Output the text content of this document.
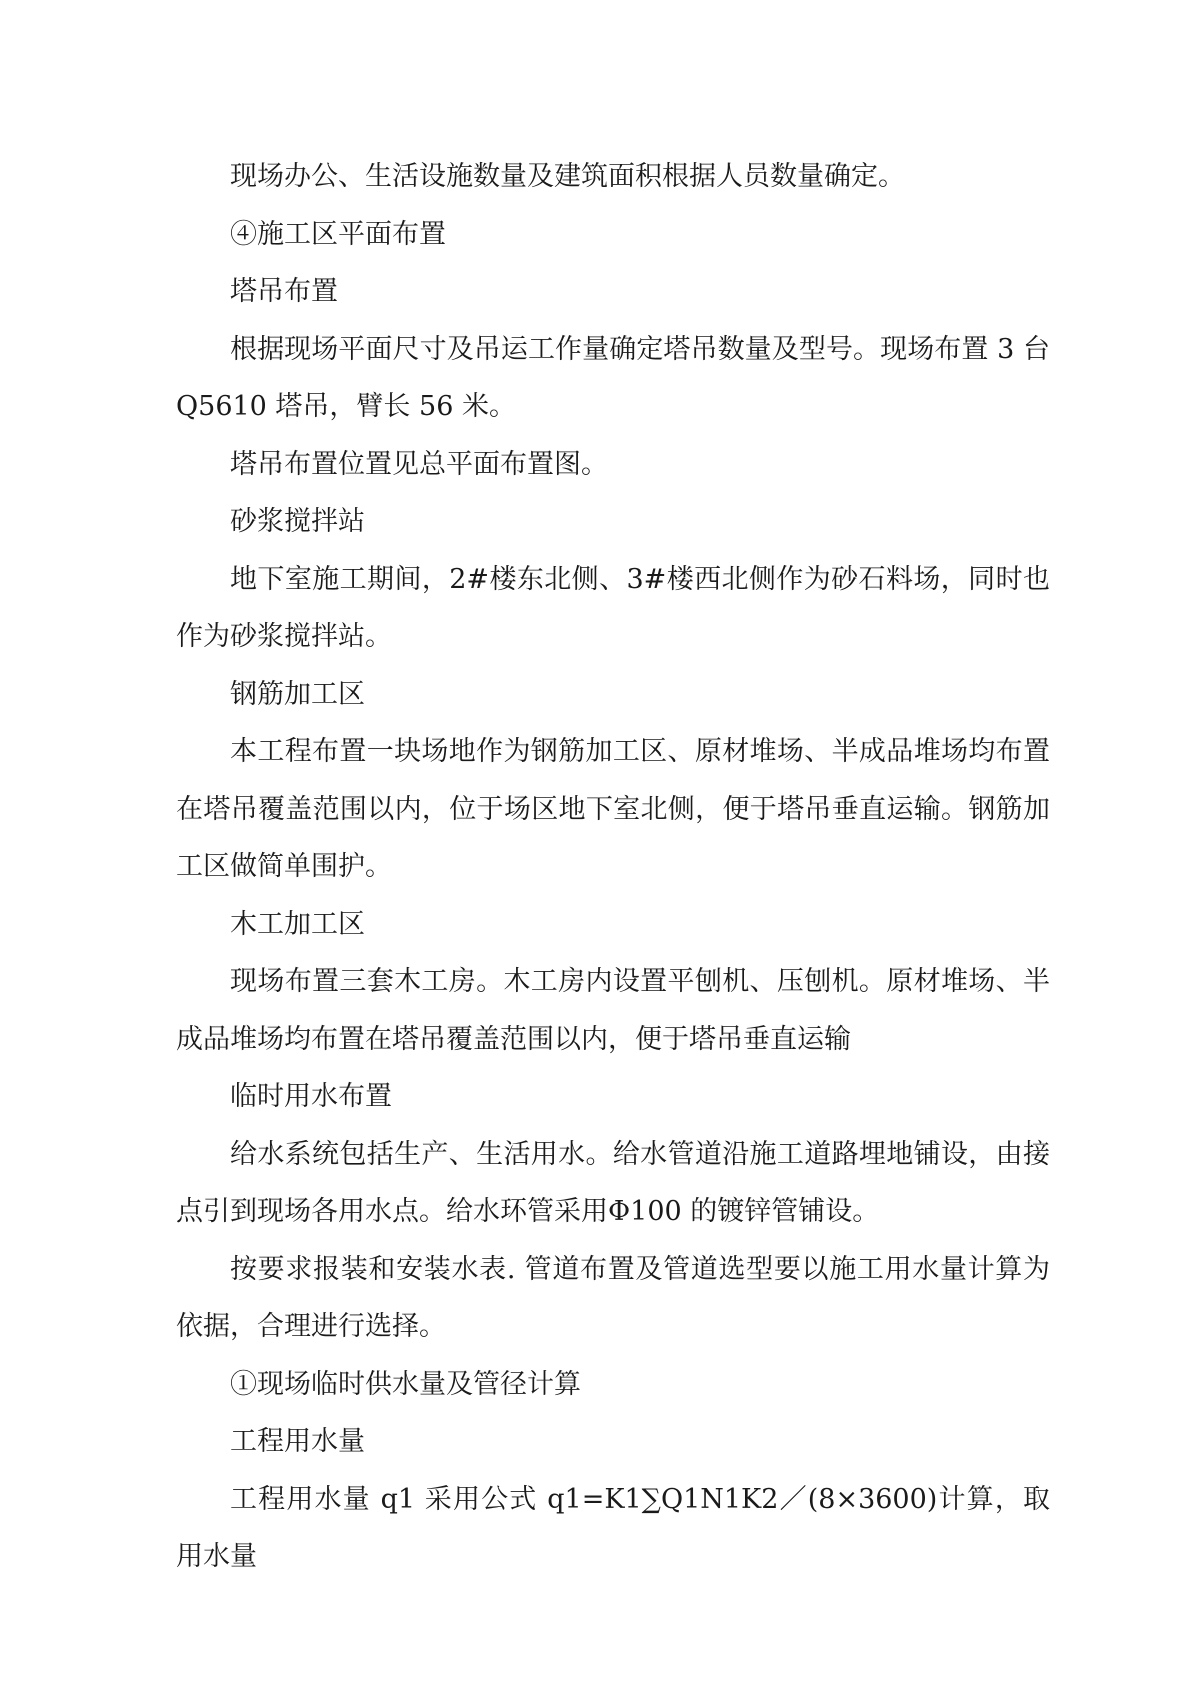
现场办公、生活设施数量及建筑面积根据人员数量确定。

④施工区平面布置

塔吊布置

根据现场平面尺寸及吊运工作量确定塔吊数量及型号。现场布置 3 台 Q5610 塔吊，臂长 56 米。

塔吊布置位置见总平面布置图。

砂浆搅拌站

地下室施工期间，2#楼东北侧、3#楼西北侧作为砂石料场，同时也作为砂浆搅拌站。

钢筋加工区

本工程布置一块场地作为钢筋加工区、原材堆场、半成品堆场均布置在塔吊覆盖范围以内，位于场区地下室北侧，便于塔吊垂直运输。钢筋加工区做简单围护。

木工加工区

现场布置三套木工房。木工房内设置平刨机、压刨机。原材堆场、半成品堆场均布置在塔吊覆盖范围以内，便于塔吊垂直运输

临时用水布置

给水系统包括生产、生活用水。给水管道沿施工道路埋地铺设，由接点引到现场各用水点。给水环管采用Φ100 的镀锌管铺设。

按要求报装和安装水表. 管道布置及管道选型要以施工用水量计算为依据，合理进行选择。

①现场临时供水量及管径计算

工程用水量

工程用水量 q1 采用公式 q1=K1∑Q1N1K2／(8×3600)计算，取用水量
